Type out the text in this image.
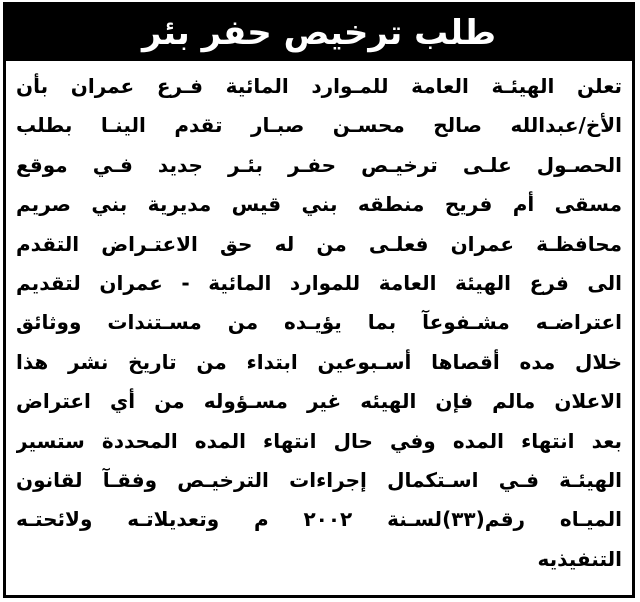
طلب ترخيص حفر بئر
تعلن الهيئـة العامة للمـوارد المائية فـرع عمران بأن
الأخ/عبدالله صالح محسـن صبـار تقدم الينـا بطلب
الحصـول علـى ترخيـص حفـر بئـر جديد فـي موقع
مسقى أم فريح منطقه بني قيس مديرية بني صريم
محافظـة عمران فعلـى من له حق الاعتـراض التقدم
الى فرع الهيئة العامة للموارد المائية - عمران لتقديم
اعتراضـه مشـفوعآ بما يؤيـده من مسـتندات ووثائق
خلال مده أقصاها أسـبوعين ابتداء من تاريخ نشر هذا
الاعلان مالم فإن الهيئه غير مسـؤوله من أي اعتراض
بعد انتهاء المده وفي حال انتهاء المده المحددة ستسير
الهيئـة فـي اسـتكمال إجراءات الترخيـص وفقـآ لقانون
الميـاه رقم(٣٣)لسـنة ٢٠٠٢ م وتعديلاتـه ولائحتـه
التنفيذيه
